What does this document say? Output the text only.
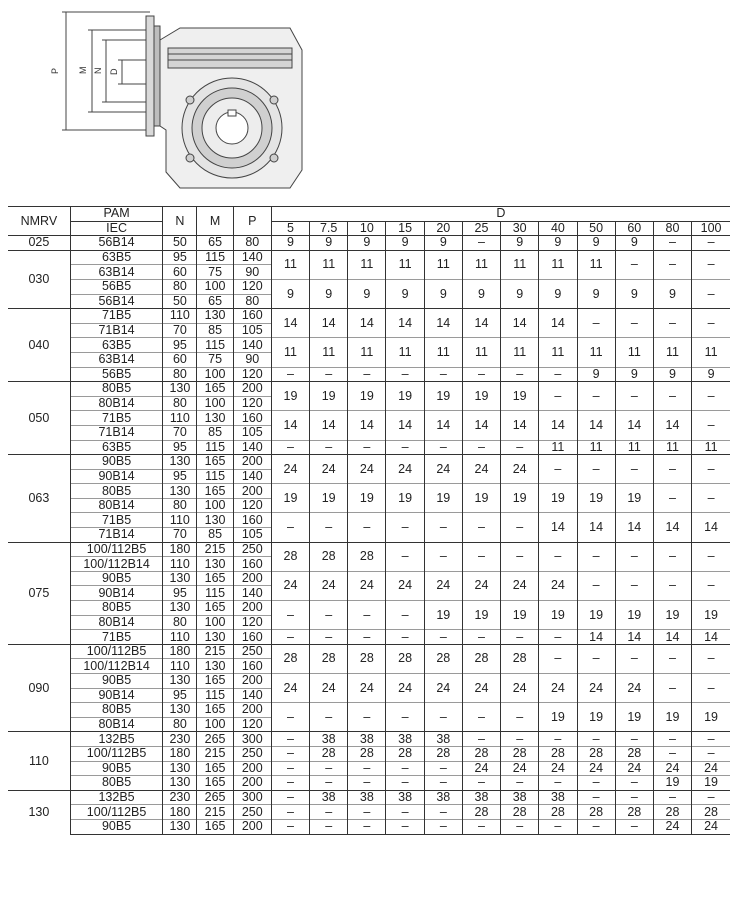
P M N D
NMRV	PAM	N	M	P	D											
	IEC				5	7.5	10	15	20	25	30	40	50	60	80	100
025	56B14	50	65	80	9	9	9	9	9	–	9	9	9	9	–	–
030	63B5	95	115	140	11	11	11	11	11	11	11	11	11	–	–	–
	63B14	60	75	90												
	56B5	80	100	120	9	9	9	9	9	9	9	9	9	9	9	–
	56B14	50	65	80												
040	71B5	110	130	160	14	14	14	14	14	14	14	14	–	–	–	–
	71B14	70	85	105												
	63B5	95	115	140	11	11	11	11	11	11	11	11	11	11	11	11
	63B14	60	75	90												
	56B5	80	100	120	–	–	–	–	–	–	–	–	9	9	9	9
050	80B5	130	165	200	19	19	19	19	19	19	19	–	–	–	–	–
	80B14	80	100	120												
	71B5	110	130	160	14	14	14	14	14	14	14	14	14	14	14	–
	71B14	70	85	105												
	63B5	95	115	140	–	–	–	–	–	–	–	11	11	11	11	11
063	90B5	130	165	200	24	24	24	24	24	24	24	–	–	–	–	–
	90B14	95	115	140												
	80B5	130	165	200	19	19	19	19	19	19	19	19	19	19	–	–
	80B14	80	100	120												
	71B5	110	130	160	–	–	–	–	–	–	–	14	14	14	14	14
	71B14	70	85	105												
075	100/112B5	180	215	250	28	28	28	–	–	–	–	–	–	–	–	–
	100/112B14	110	130	160												
	90B5	130	165	200	24	24	24	24	24	24	24	24	–	–	–	–
	90B14	95	115	140												
	80B5	130	165	200	–	–	–	–	19	19	19	19	19	19	19	19
	80B14	80	100	120												
	71B5	110	130	160	–	–	–	–	–	–	–	–	14	14	14	14
090	100/112B5	180	215	250	28	28	28	28	28	28	28	–	–	–	–	–
	100/112B14	110	130	160												
	90B5	130	165	200	24	24	24	24	24	24	24	24	24	24	–	–
	90B14	95	115	140												
	80B5	130	165	200	–	–	–	–	–	–	–	19	19	19	19	19
	80B14	80	100	120												
110	132B5	230	265	300	–	38	38	38	38	–	–	–	–	–	–	–
	100/112B5	180	215	250	–	28	28	28	28	28	28	28	28	28	–	–
	90B5	130	165	200	–	–	–	–	–	24	24	24	24	24	24	24
	80B5	130	165	200	–	–	–	–	–	–	–	–	–	–	19	19
130	132B5	230	265	300	–	38	38	38	38	38	38	38	–	–	–	–
	100/112B5	180	215	250	–	–	–	–	–	28	28	28	28	28	28	28
	90B5	130	165	200	–	–	–	–	–	–	–	–	–	–	24	24
